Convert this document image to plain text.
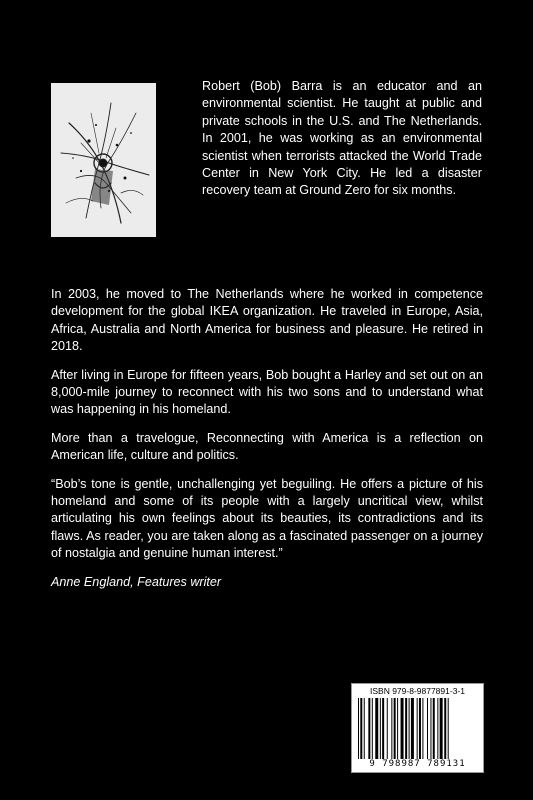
Robert (Bob) Barra is an educator and an environmental scientist. He taught at public and private schools in the U.S. and The Netherlands. In 2001, he was working as an environmental scientist when terrorists attacked the World Trade Center in New York City. He led a disaster recovery team at Ground Zero for six months.

In 2003, he moved to The Netherlands where he worked in competence development for the global IKEA organization. He traveled in Europe, Asia, Africa, Australia and North America for business and pleasure. He retired in 2018.

After living in Europe for fifteen years, Bob bought a Harley and set out on an 8,000-mile journey to reconnect with his two sons and to understand what was happening in his homeland.

More than a travelogue, Reconnecting with America is a reflection on American life, culture and politics.

“Bob’s tone is gentle, unchallenging yet beguiling. He offers a picture of his homeland and some of its people with a largely uncritical view, whilst articulating his own feelings about its beauties, its contradictions and its flaws. As reader, you are taken along as a fascinated passenger on a journey of nostalgia and genuine human interest.”

Anne England, Features writer

ISBN 979-8-9877891-3-1
9 798987 789131
